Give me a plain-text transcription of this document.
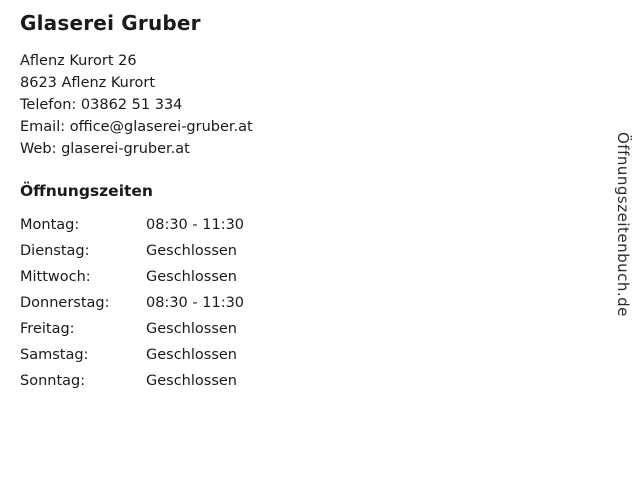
Glaserei Gruber
Aflenz Kurort 26
8623 Aflenz Kurort
Telefon: 03862 51 334
Email: office@glaserei-gruber.at
Web: glaserei-gruber.at
Öffnungszeiten
Montag:	08:30 - 11:30
Dienstag:	Geschlossen
Mittwoch:	Geschlossen
Donnerstag:	08:30 - 11:30
Freitag:	Geschlossen
Samstag:	Geschlossen
Sonntag:	Geschlossen
Öffnungszeitenbuch.de
